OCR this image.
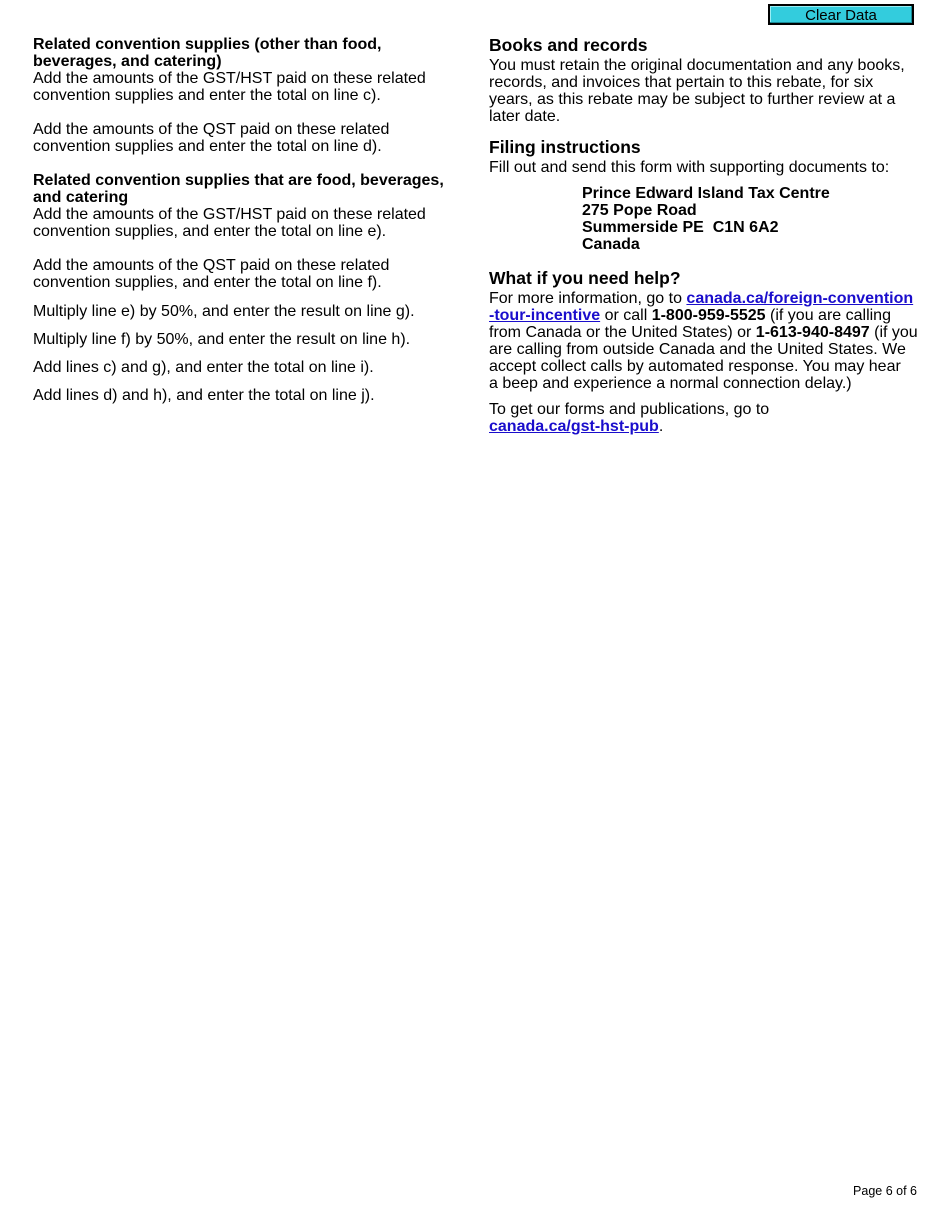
Clear Data

Related convention supplies (other than food, beverages, and catering)

Add the amounts of the GST/HST paid on these related convention supplies and enter the total on line c).

Add the amounts of the QST paid on these related convention supplies and enter the total on line d).

Related convention supplies that are food, beverages, and catering

Add the amounts of the GST/HST paid on these related convention supplies, and enter the total on line e).

Add the amounts of the QST paid on these related convention supplies, and enter the total on line f).

Multiply line e) by 50%, and enter the result on line g).

Multiply line f) by 50%, and enter the result on line h).

Add lines c) and g), and enter the total on line i).

Add lines d) and h), and enter the total on line j).

Books and records

You must retain the original documentation and any books, records, and invoices that pertain to this rebate, for six years, as this rebate may be subject to further review at a later date.

Filing instructions

Fill out and send this form with supporting documents to:

Prince Edward Island Tax Centre
275 Pope Road
Summerside PE  C1N 6A2
Canada
What if you need help?

For more information, go to canada.ca/foreign-convention
-tour-incentive or call 1-800-959-5525 (if you are calling from Canada or the United States) or 1-613-940-8497 (if you are calling from outside Canada and the United States. We accept collect calls by automated response. You may hear
a beep and experience a normal connection delay.)

To get our forms and publications, go to
canada.ca/gst-hst-pub.

Page 6 of 6
